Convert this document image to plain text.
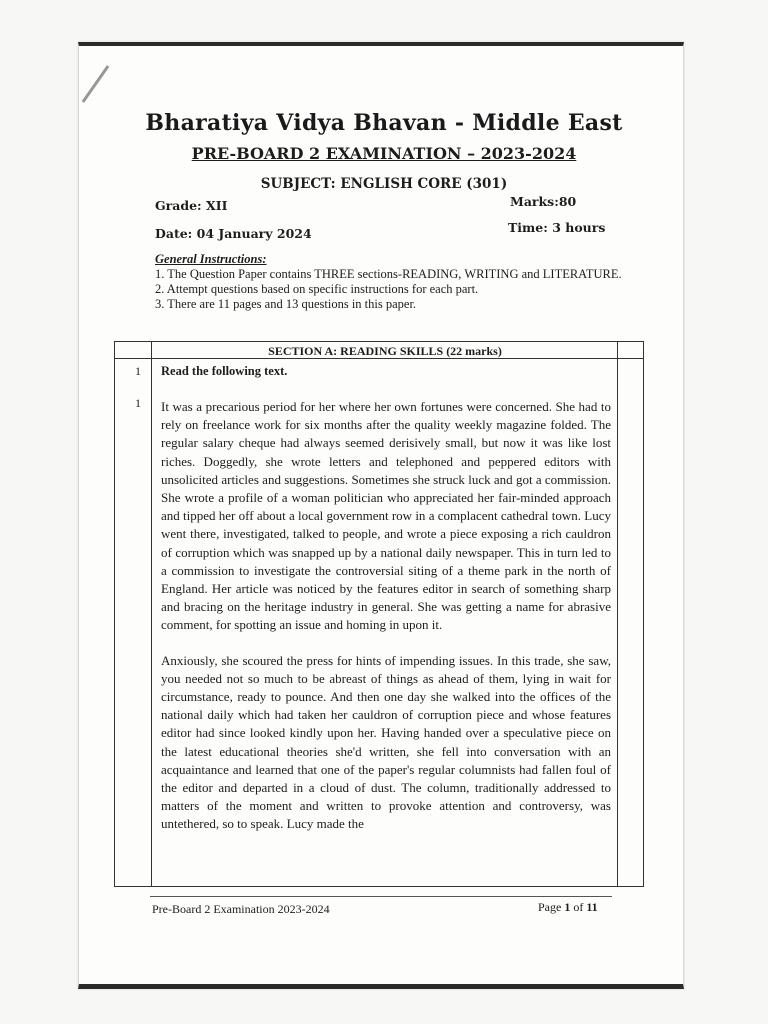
Bharatiya Vidya Bhavan - Middle East
PRE-BOARD 2 EXAMINATION – 2023-2024
SUBJECT: ENGLISH CORE (301)
Grade: XII	Marks:80
Date: 04 January 2024	Time: 3 hours
General Instructions:
1. The Question Paper contains THREE sections-READING, WRITING and LITERATURE.
2. Attempt questions based on specific instructions for each part.
3. There are 11 pages and 13 questions in this paper.
SECTION A: READING SKILLS (22 marks)
1 Read the following text.
1 It was a precarious period for her where her own fortunes were concerned. She had to rely on freelance work for six months after the quality weekly magazine folded. The regular salary cheque had always seemed derisively small, but now it was like lost riches. Doggedly, she wrote letters and telephoned and peppered editors with unsolicited articles and suggestions. Sometimes she struck luck and got a commission. She wrote a profile of a woman politician who appreciated her fair-minded approach and tipped her off about a local government row in a complacent cathedral town. Lucy went there, investigated, talked to people, and wrote a piece exposing a rich cauldron of corruption which was snapped up by a national daily newspaper. This in turn led to a commission to investigate the controversial siting of a theme park in the north of England. Her article was noticed by the features editor in search of something sharp and bracing on the heritage industry in general. She was getting a name for abrasive comment, for spotting an issue and homing in upon it.

Anxiously, she scoured the press for hints of impending issues. In this trade, she saw, you needed not so much to be abreast of things as ahead of them, lying in wait for circumstance, ready to pounce. And then one day she walked into the offices of the national daily which had taken her cauldron of corruption piece and whose features editor had since looked kindly upon her. Having handed over a speculative piece on the latest educational theories she'd written, she fell into conversation with an acquaintance and learned that one of the paper's regular columnists had fallen foul of the editor and departed in a cloud of dust. The column, traditionally addressed to matters of the moment and written to provoke attention and controversy, was untethered, so to speak. Lucy made the

Pre-Board 2 Examination 2023-2024	Page 1 of 11
